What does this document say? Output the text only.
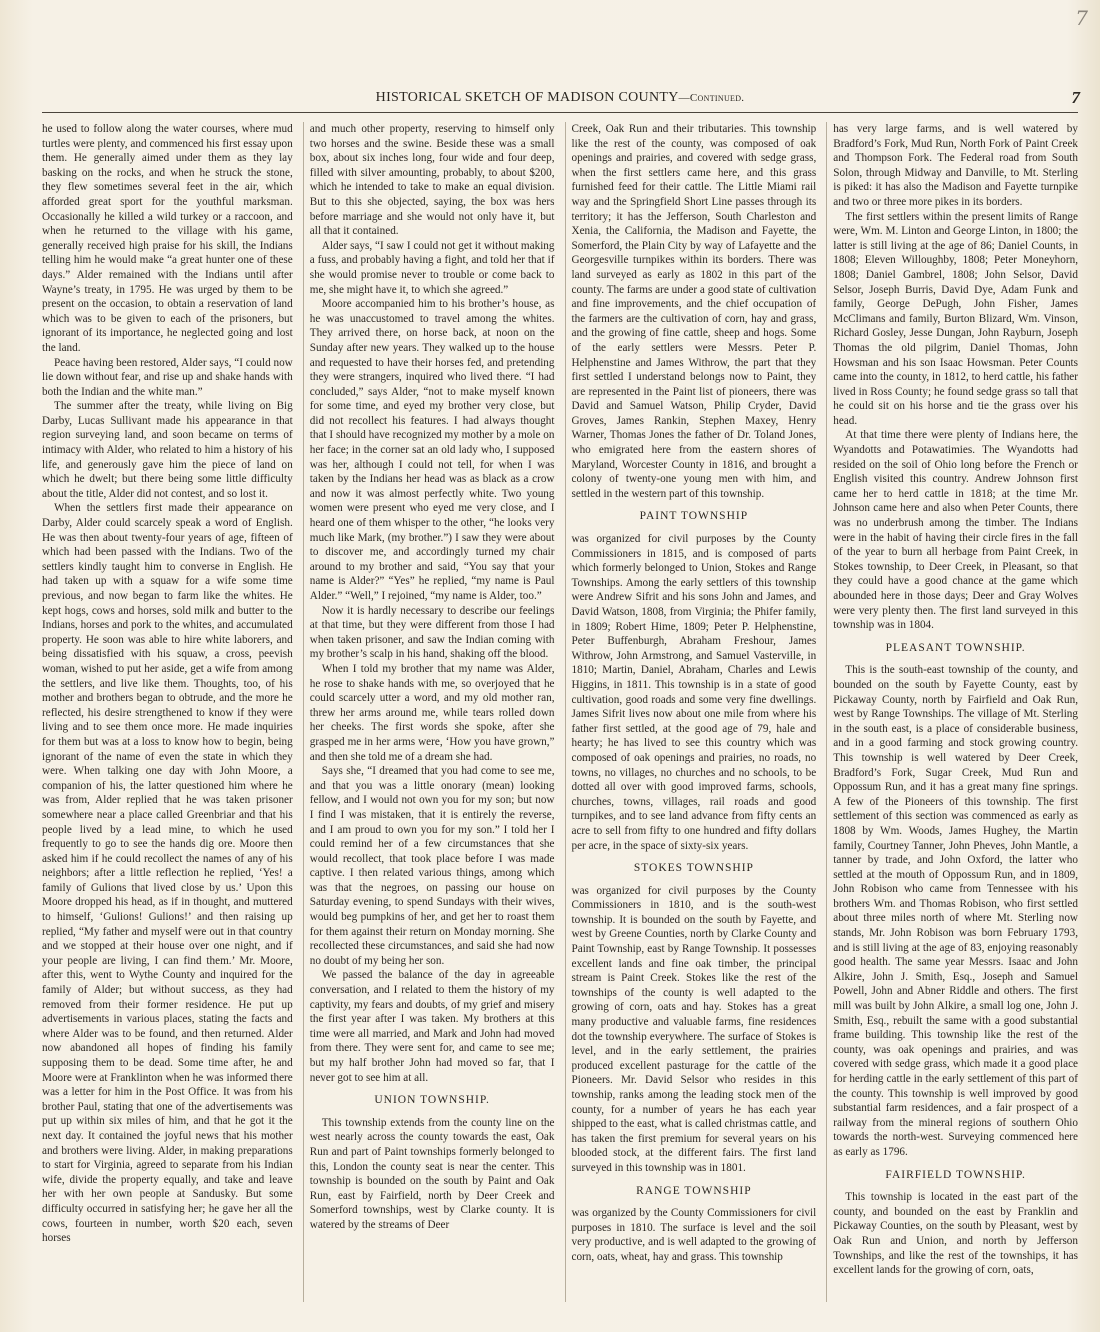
7
HISTORICAL SKETCH OF MADISON COUNTY—Continued.	7

he used to follow along the water courses, where mud turtles were plenty, and commenced his first essay upon them. He generally aimed under them as they lay basking on the rocks, and when he struck the stone, they flew sometimes several feet in the air, which afforded great sport for the youthful marksman. Occasionally he killed a wild turkey or a raccoon, and when he returned to the village with his game, generally received high praise for his skill, the Indians telling him he would make “a great hunter one of these days.” Alder remained with the Indians until after Wayne’s treaty, in 1795. He was urged by them to be present on the occasion, to obtain a reservation of land which was to be given to each of the prisoners, but ignorant of its importance, he neglected going and lost the land.

Peace having been restored, Alder says, “I could now lie down without fear, and rise up and shake hands with both the Indian and the white man.”

The summer after the treaty, while living on Big Darby, Lucas Sullivant made his appearance in that region surveying land, and soon became on terms of intimacy with Alder, who related to him a history of his life, and generously gave him the piece of land on which he dwelt; but there being some little difficulty about the title, Alder did not contest, and so lost it.

When the settlers first made their appearance on Darby, Alder could scarcely speak a word of English. He was then about twenty-four years of age, fifteen of which had been passed with the Indians. Two of the settlers kindly taught him to converse in English. He had taken up with a squaw for a wife some time previous, and now began to farm like the whites. He kept hogs, cows and horses, sold milk and butter to the Indians, horses and pork to the whites, and accumulated property. He soon was able to hire white laborers, and being dissatisfied with his squaw, a cross, peevish woman, wished to put her aside, get a wife from among the settlers, and live like them. Thoughts, too, of his mother and brothers began to obtrude, and the more he reflected, his desire strengthened to know if they were living and to see them once more. He made inquiries for them but was at a loss to know how to begin, being ignorant of the name of even the state in which they were. When talking one day with John Moore, a companion of his, the latter questioned him where he was from, Alder replied that he was taken prisoner somewhere near a place called Greenbriar and that his people lived by a lead mine, to which he used frequently to go to see the hands dig ore. Moore then asked him if he could recollect the names of any of his neighbors; after a little reflection he replied, ‘Yes! a family of Gulions that lived close by us.’ Upon this Moore dropped his head, as if in thought, and muttered to himself, ‘Gulions! Gulions!’ and then raising up replied, “My father and myself were out in that country and we stopped at their house over one night, and if your people are living, I can find them.’ Mr. Moore, after this, went to Wythe County and inquired for the family of Alder; but without success, as they had removed from their former residence. He put up advertisements in various places, stating the facts and where Alder was to be found, and then returned. Alder now abandoned all hopes of finding his family supposing them to be dead. Some time after, he and Moore were at Franklinton when he was informed there was a letter for him in the Post Office. It was from his brother Paul, stating that one of the advertisements was put up within six miles of him, and that he got it the next day. It contained the joyful news that his mother and brothers were living. Alder, in making preparations to start for Virginia, agreed to separate from his Indian wife, divide the property equally, and take and leave her with her own people at Sandusky. But some difficulty occurred in satisfying her; he gave her all the cows, fourteen in number, worth $20 each, seven horses

and much other property, reserving to himself only two horses and the swine. Beside these was a small box, about six inches long, four wide and four deep, filled with silver amounting, probably, to about $200, which he intended to take to make an equal division. But to this she objected, saying, the box was hers before marriage and she would not only have it, but all that it contained.

Alder says, “I saw I could not get it without making a fuss, and probably having a fight, and told her that if she would promise never to trouble or come back to me, she might have it, to which she agreed.”

Moore accompanied him to his brother’s house, as he was unaccustomed to travel among the whites. They arrived there, on horse back, at noon on the Sunday after new years. They walked up to the house and requested to have their horses fed, and pretending they were strangers, inquired who lived there. “I had concluded,” says Alder, “not to make myself known for some time, and eyed my brother very close, but did not recollect his features. I had always thought that I should have recognized my mother by a mole on her face; in the corner sat an old lady who, I supposed was her, although I could not tell, for when I was taken by the Indians her head was as black as a crow and now it was almost perfectly white. Two young women were present who eyed me very close, and I heard one of them whisper to the other, “he looks very much like Mark, (my brother.”) I saw they were about to discover me, and accordingly turned my chair around to my brother and said, “You say that your name is Alder?” “Yes” he replied, “my name is Paul Alder.” “Well,” I rejoined, “my name is Alder, too.”

Now it is hardly necessary to describe our feelings at that time, but they were different from those I had when taken prisoner, and saw the Indian coming with my brother’s scalp in his hand, shaking off the blood.

When I told my brother that my name was Alder, he rose to shake hands with me, so overjoyed that he could scarcely utter a word, and my old mother ran, threw her arms around me, while tears rolled down her cheeks. The first words she spoke, after she grasped me in her arms were, ‘How you have grown,” and then she told me of a dream she had.

Says she, “I dreamed that you had come to see me, and that you was a little onorary (mean) looking fellow, and I would not own you for my son; but now I find I was mistaken, that it is entirely the reverse, and I am proud to own you for my son.” I told her I could remind her of a few circumstances that she would recollect, that took place before I was made captive. I then related various things, among which was that the negroes, on passing our house on Saturday evening, to spend Sundays with their wives, would beg pumpkins of her, and get her to roast them for them against their return on Monday morning. She recollected these circumstances, and said she had now no doubt of my being her son.

We passed the balance of the day in agreeable conversation, and I related to them the history of my captivity, my fears and doubts, of my grief and misery the first year after I was taken. My brothers at this time were all married, and Mark and John had moved from there. They were sent for, and came to see me; but my half brother John had moved so far, that I never got to see him at all.

UNION TOWNSHIP.

This township extends from the county line on the west nearly across the county towards the east, Oak Run and part of Paint townships formerly belonged to this, London the county seat is near the center. This township is bounded on the south by Paint and Oak Run, east by Fairfield, north by Deer Creek and Somerford townships, west by Clarke county. It is watered by the streams of Deer

Creek, Oak Run and their tributaries. This township like the rest of the county, was composed of oak openings and prairies, and covered with sedge grass, when the first settlers came here, and this grass furnished feed for their cattle. The Little Miami rail way and the Springfield Short Line passes through its territory; it has the Jefferson, South Charleston and Xenia, the California, the Madison and Fayette, the Somerford, the Plain City by way of Lafayette and the Georgesville turnpikes within its borders. There was land surveyed as early as 1802 in this part of the county. The farms are under a good state of cultivation and fine improvements, and the chief occupation of the farmers are the cultivation of corn, hay and grass, and the growing of fine cattle, sheep and hogs. Some of the early settlers were Messrs. Peter P. Helphenstine and James Withrow, the part that they first settled I understand belongs now to Paint, they are represented in the Paint list of pioneers, there was David and Samuel Watson, Philip Cryder, David Groves, James Rankin, Stephen Maxey, Henry Warner, Thomas Jones the father of Dr. Toland Jones, who emigrated here from the eastern shores of Maryland, Worcester County in 1816, and brought a colony of twenty-one young men with him, and settled in the western part of this township.

PAINT TOWNSHIP

was organized for civil purposes by the County Commissioners in 1815, and is composed of parts which formerly belonged to Union, Stokes and Range Townships. Among the early settlers of this township were Andrew Sifrit and his sons John and James, and David Watson, 1808, from Virginia; the Phifer family, in 1809; Robert Hime, 1809; Peter P. Helphenstine, Peter Buffenburgh, Abraham Freshour, James Withrow, John Armstrong, and Samuel Vasterville, in 1810; Martin, Daniel, Abraham, Charles and Lewis Higgins, in 1811. This township is in a state of good cultivation, good roads and some very fine dwellings. James Sifrit lives now about one mile from where his father first settled, at the good age of 79, hale and hearty; he has lived to see this country which was composed of oak openings and prairies, no roads, no towns, no villages, no churches and no schools, to be dotted all over with good improved farms, schools, churches, towns, villages, rail roads and good turnpikes, and to see land advance from fifty cents an acre to sell from fifty to one hundred and fifty dollars per acre, in the space of sixty-six years.

STOKES TOWNSHIP

was organized for civil purposes by the County Commissioners in 1810, and is the south-west township. It is bounded on the south by Fayette, and west by Greene Counties, north by Clarke County and Paint Township, east by Range Township. It possesses excellent lands and fine oak timber, the principal stream is Paint Creek. Stokes like the rest of the townships of the county is well adapted to the growing of corn, oats and hay. Stokes has a great many productive and valuable farms, fine residences dot the township everywhere. The surface of Stokes is level, and in the early settlement, the prairies produced excellent pasturage for the cattle of the Pioneers. Mr. David Selsor who resides in this township, ranks among the leading stock men of the county, for a number of years he has each year shipped to the east, what is called christmas cattle, and has taken the first premium for several years on his blooded stock, at the different fairs. The first land surveyed in this township was in 1801.

RANGE TOWNSHIP

was organized by the County Commissioners for civil purposes in 1810. The surface is level and the soil very productive, and is well adapted to the growing of corn, oats, wheat, hay and grass. This township

has very large farms, and is well watered by Bradford’s Fork, Mud Run, North Fork of Paint Creek and Thompson Fork. The Federal road from South Solon, through Midway and Danville, to Mt. Sterling is piked: it has also the Madison and Fayette turnpike and two or three more pikes in its borders.

The first settlers within the present limits of Range were, Wm. M. Linton and George Linton, in 1800; the latter is still living at the age of 86; Daniel Counts, in 1808; Eleven Willoughby, 1808; Peter Moneyhorn, 1808; Daniel Gambrel, 1808; John Selsor, David Selsor, Joseph Burris, David Dye, Adam Funk and family, George DePugh, John Fisher, James McClimans and family, Burton Blizard, Wm. Vinson, Richard Gosley, Jesse Dungan, John Rayburn, Joseph Thomas the old pilgrim, Daniel Thomas, John Howsman and his son Isaac Howsman. Peter Counts came into the county, in 1812, to herd cattle, his father lived in Ross County; he found sedge grass so tall that he could sit on his horse and tie the grass over his head.

At that time there were plenty of Indians here, the Wyandotts and Potawatimies. The Wyandotts had resided on the soil of Ohio long before the French or English visited this country. Andrew Johnson first came her to herd cattle in 1818; at the time Mr. Johnson came here and also when Peter Counts, there was no underbrush among the timber. The Indians were in the habit of having their circle fires in the fall of the year to burn all herbage from Paint Creek, in Stokes township, to Deer Creek, in Pleasant, so that they could have a good chance at the game which abounded here in those days; Deer and Gray Wolves were very plenty then. The first land surveyed in this township was in 1804.

PLEASANT TOWNSHIP.

This is the south-east township of the county, and bounded on the south by Fayette County, east by Pickaway County, north by Fairfield and Oak Run, west by Range Townships. The village of Mt. Sterling in the south east, is a place of considerable business, and in a good farming and stock growing country. This township is well watered by Deer Creek, Bradford’s Fork, Sugar Creek, Mud Run and Oppossum Run, and it has a great many fine springs. A few of the Pioneers of this township. The first settlement of this section was commenced as early as 1808 by Wm. Woods, James Hughey, the Martin family, Courtney Tanner, John Pheves, John Mantle, a tanner by trade, and John Oxford, the latter who settled at the mouth of Oppossum Run, and in 1809, John Robison who came from Tennessee with his brothers Wm. and Thomas Robison, who first settled about three miles north of where Mt. Sterling now stands, Mr. John Robison was born February 1793, and is still living at the age of 83, enjoying reasonably good health. The same year Messrs. Isaac and John Alkire, John J. Smith, Esq., Joseph and Samuel Powell, John and Abner Riddle and others. The first mill was built by John Alkire, a small log one, John J. Smith, Esq., rebuilt the same with a good substantial frame building. This township like the rest of the county, was oak openings and prairies, and was covered with sedge grass, which made it a good place for herding cattle in the early settlement of this part of the county. This township is well improved by good substantial farm residences, and a fair prospect of a railway from the mineral regions of southern Ohio towards the north-west. Surveying commenced here as early as 1796.

FAIRFIELD TOWNSHIP.

This township is located in the east part of the county, and bounded on the east by Franklin and Pickaway Counties, on the south by Pleasant, west by Oak Run and Union, and north by Jefferson Townships, and like the rest of the townships, it has excellent lands for the growing of corn, oats,
